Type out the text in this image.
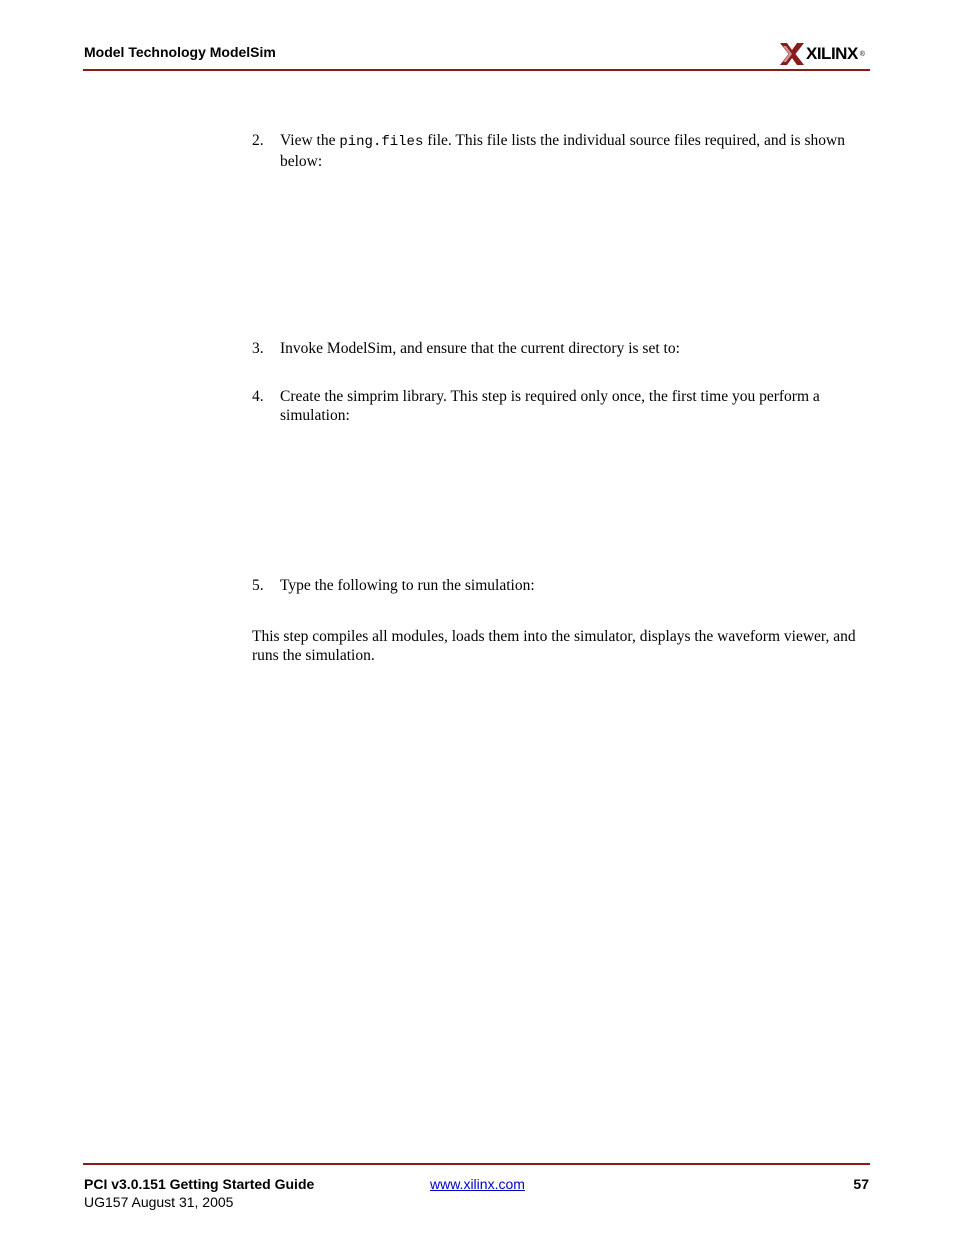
Model Technology ModelSim	XILINX ®
2. View the ping.files file. This file lists the individual source files required, and is shown below:
3. Invoke ModelSim, and ensure that the current directory is set to:
4. Create the simprim library. This step is required only once, the first time you perform a simulation:
5. Type the following to run the simulation:
This step compiles all modules, loads them into the simulator, displays the waveform viewer, and runs the simulation.
PCI v3.0.151 Getting Started Guide
UG157 August 31, 2005
www.xilinx.com	57
